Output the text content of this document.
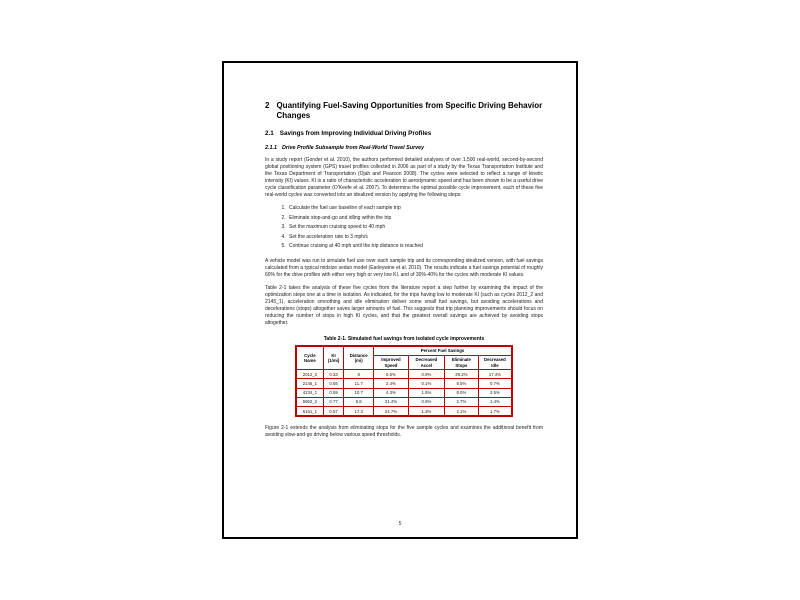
2 Quantifying Fuel-Saving Opportunities from Specific Driving Behavior Changes
2.1 Savings from Improving Individual Driving Profiles
2.1.1 Drive Profile Subsample from Real-World Travel Survey

In a study report (Gonder et al. 2010), the authors performed detailed analyses of over 1,500 real-world, second-by-second global positioning system (GPS) travel profiles collected in 2006 as part of a study by the Texas Transportation Institute and the Texas Department of Transportation (Ojah and Pearson 2008). The cycles were selected to reflect a range of kinetic intensity (KI) values. KI is a ratio of characteristic acceleration to aerodynamic speed and has been shown to be a useful drive cycle classification parameter (O'Keefe et al. 2007). To determine the optimal possible cycle improvement, each of these five real-world cycles was converted into an idealized version by applying the following steps:

1. Calculate the fuel use baseline of each sample trip
2. Eliminate stop-and-go and idling within the trip
3. Set the maximum cruising speed to 40 mph
4. Set the acceleration rate to 3 mph/s
5. Continue cruising at 40 mph until the trip distance is reached

A vehicle model was run to simulate fuel use over each sample trip and its corresponding idealized version, with fuel savings calculated from a typical midsize sedan model (Earleywine et al. 2010). The results indicate a fuel savings potential of roughly 60% for the drive profiles with either very high or very low KI, and of 30%-40% for the cycles with moderate KI values.

Table 2-1 takes the analysis of these five cycles from the literature report a step further by examining the impact of the optimization steps one at a time in isolation. As indicated, for the trips having low to moderate KI (such as cycles 2012_2 and 2145_1), acceleration smoothing and idle elimination deliver some small fuel savings, but avoiding accelerations and decelerations (stops) altogether saves larger amounts of fuel. This suggests that trip planning improvements should focus on reducing the number of stops in high KI cycles, and that the greatest overall savings are achieved by avoiding stops altogether.

Table 2-1. Simulated fuel savings from isolated cycle improvements
Cycle Name	KI (1/mi)	Distance (mi)	Percent Fuel Savings			
			Improved Speed	Decreased Accel	Eliminate Stops	Decreased Idle
2012_2	0.33	8	0.5%	0.9%	29.2%	17.4%
2145_1	0.55	11.7	2.4%	0.1%	8.5%	0.7%
4234_1	0.59	10.7	4.3%	1.5%	8.0%	3.5%
5962_2	0.77	5.8	21.4%	0.5%	2.7%	1.4%
6161_1	0.57	17.3	24.7%	1.3%	2.1%	1.7%

Figure 2-1 extends the analysis from eliminating stops for the five sample cycles and examines the additional benefit from avoiding slow-and-go driving below various speed thresholds.

5
